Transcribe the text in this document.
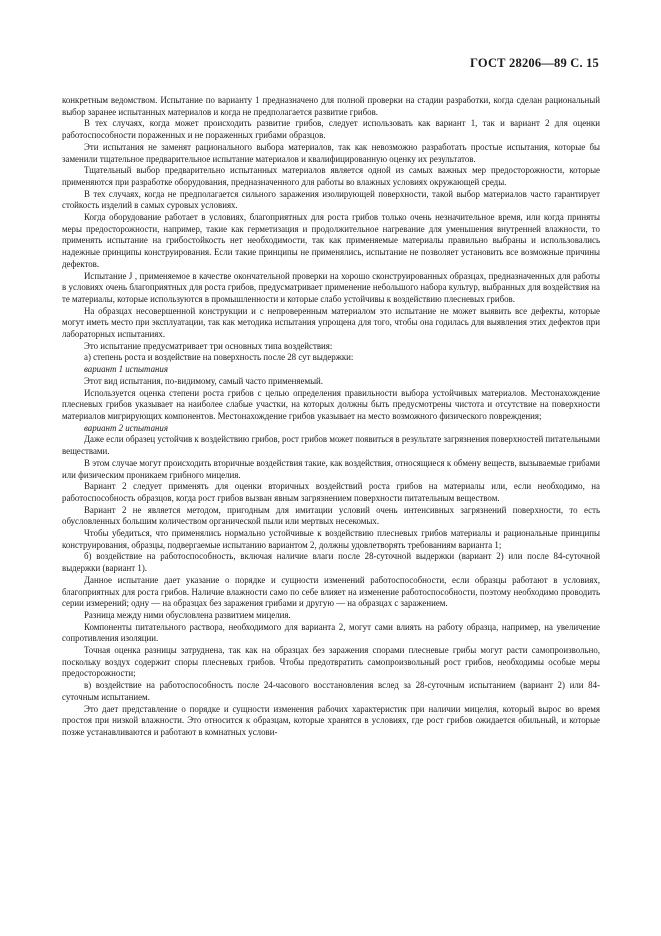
ГОСТ 28206—89 С. 15

конкретным ведомством. Испытание по варианту 1 предназначено для полной проверки на стадии разработки, когда сделан рациональный выбор заранее испытанных материалов и когда не предполагается развитие грибов.

В тех случаях, когда может происходить развитие грибов, следует использовать как вариант 1, так и вариант 2 для оценки работоспособности пораженных и не пораженных грибами образцов.

Эти испытания не заменят рационального выбора материалов, так как невозможно разработать простые испытания, которые бы заменили тщательное предварительное испытание материалов и квалифицированную оценку их результатов.

Тщательный выбор предварительно испытанных материалов является одной из самых важных мер предосторожности, которые применяются при разработке оборудования, предназначенного для работы во влажных условиях окружающей среды.

В тех случаях, когда не предполагается сильного заражения изолирующей поверхности, такой выбор материалов часто гарантирует стойкость изделий в самых суровых условиях.

Когда оборудование работает в условиях, благоприятных для роста грибов только очень незначительное время, или когда приняты меры предосторожности, например, такие как герметизация и продолжительное нагревание для уменьшения внутренней влажности, то применять испытание на грибостойкость нет необходимости, так как применяемые материалы правильно выбраны и использовались надежные принципы конструирования. Если такие принципы не применялись, испытание не позволяет установить все возможные причины дефектов.

Испытание J , применяемое в качестве окончательной проверки на хорошо сконструированных образцах, предназначенных для работы в условиях очень благоприятных для роста грибов, предусматривает применение небольшого набора культур, выбранных для воздействия на те материалы, которые используются в промышленности и которые слабо устойчивы к воздействию плесневых грибов.

На образцах несовершенной конструкции и с непроверенным материалом это испытание не может выявить все дефекты, которые могут иметь место при эксплуатации, так как методика испытания упрощена для того, чтобы она годилась для выявления этих дефектов при лабораторных испытаниях.

Это испытание предусматривает три основных типа воздействия:

а) степень роста и воздействие на поверхность после 28 сут выдержки:

вариант 1 испытания

Этот вид испытания, по-видимому, самый часто применяемый.

Используется оценка степени роста грибов с целью определения правильности выбора устойчивых материалов. Местонахождение плесневых грибов указывает на наиболее слабые участки, на которых должны быть предусмотрены чистота и отсутствие на поверхности материалов мигрирующих компонентов. Местонахождение грибов указывает на место возможного физического повреждения;

вариант 2 испытания

Даже если образец устойчив к воздействию грибов, рост грибов может появиться в результате загрязнения поверхностей питательными веществами.

В этом случае могут происходить вторичные воздействия такие, как воздействия, относящиеся к обмену веществ, вызываемые грибами или физическим проникаем грибного мицелия.

Вариант 2 следует применять для оценки вторичных воздействий роста грибов на материалы или, если необходимо, на работоспособность образцов, когда рост грибов вызван явным загрязнением поверхности питательным веществом.

Вариант 2 не является методом, пригодным для имитации условий очень интенсивных загрязнений поверхности, то есть обусловленных большим количеством органической пыли или мертвых несекомых.

Чтобы убедиться, что применялись нормально устойчивые к воздействию плесневых грибов материалы и рациональные принципы конструирования, образцы, подвергаемые испытанию вариантом 2, должны удовлетворять требованиям варианта 1;

б) воздействие на работоспособность, включая наличие влаги после 28-суточной выдержки (вариант 2) или после 84-суточной выдержки (вариант 1).

Данное испытание дает указание о порядке и сущности изменений работоспособности, если образцы работают в условиях, благоприятных для роста грибов. Наличие влажности само по себе влияет на изменение работоспособности, поэтому необходимо проводить серии измерений; одну — на образцах без заражения грибами и другую — на образцах с заражением.

Разница между ними обусловлена развитием мицелия.

Компоненты питательного раствора, необходимого для варианта 2, могут сами влиять на работу образца, например, на увеличение сопротивления изоляции.

Точная оценка разницы затруднена, так как на образцах без заражения спорами плесневые грибы могут расти самопроизвольно, поскольку воздух содержит споры плесневых грибов. Чтобы предотвратить самопроизвольный рост грибов, необходимы особые меры предосторожности;

в) воздействие на работоспособность после 24-часового восстановления вслед за 28-суточным испытанием (вариант 2) или 84-суточным испытанием.

Это дает представление о порядке и сущности изменения рабочих характеристик при наличии мицелия, который вырос во время простоя при низкой влажности. Это относится к образцам, которые хранятся в условиях, где рост грибов ожидается обильный, и которые позже устанавливаются и работают в комнатных услови-
